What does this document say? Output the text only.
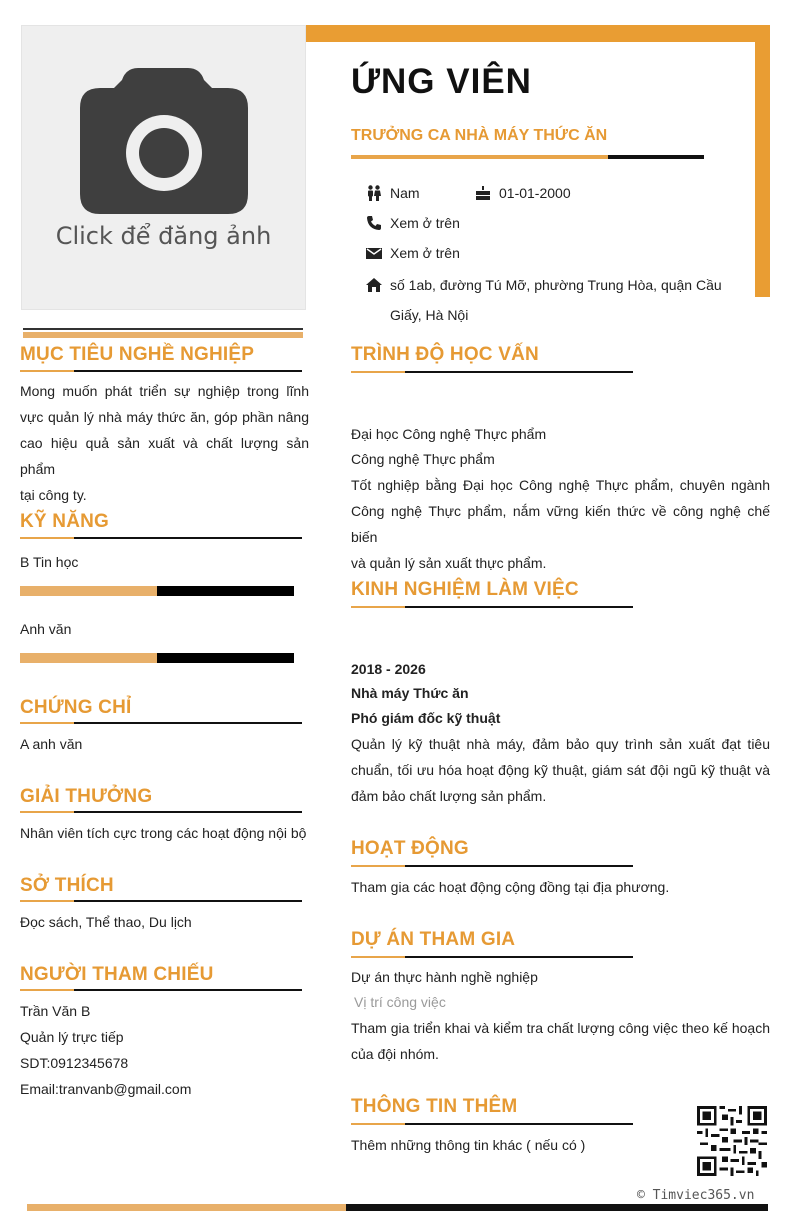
Click để đăng ảnh
ỨNG VIÊN
TRƯỞNG CA NHÀ MÁY THỨC ĂN
Nam	01-01-2000
Xem ở trên
Xem ở trên
số 1ab, đường Tú Mỡ, phường Trung Hòa, quận Cầu
Giấy, Hà Nội
MỤC TIÊU NGHỀ NGHIỆP
Mong muốn phát triển sự nghiệp trong lĩnh
vực quản lý nhà máy thức ăn, góp phần nâng
cao hiệu quả sản xuất và chất lượng sản phẩm
tại công ty.
KỸ NĂNG
B Tin học
Anh văn
CHỨNG CHỈ
A anh văn
GIẢI THƯỞNG
Nhân viên tích cực trong các hoạt động nội bộ
SỞ THÍCH
Đọc sách, Thể thao, Du lịch
NGƯỜI THAM CHIẾU
Trần Văn B
Quản lý trực tiếp
SDT:0912345678
Email:tranvanb@gmail.com
TRÌNH ĐỘ HỌC VẤN
Đại học Công nghệ Thực phẩm
Công nghệ Thực phẩm
Tốt nghiệp bằng Đại học Công nghệ Thực phẩm, chuyên ngành
Công nghệ Thực phẩm, nắm vững kiến thức về công nghệ chế biến
và quản lý sản xuất thực phẩm.
KINH NGHIỆM LÀM VIỆC
2018 - 2026
Nhà máy Thức ăn
Phó giám đốc kỹ thuật
Quản lý kỹ thuật nhà máy, đảm bảo quy trình sản xuất đạt tiêu
chuẩn, tối ưu hóa hoạt động kỹ thuật, giám sát đội ngũ kỹ thuật và
đảm bảo chất lượng sản phẩm.
HOẠT ĐỘNG
Tham gia các hoạt động cộng đồng tại địa phương.
DỰ ÁN THAM GIA
Dự án thực hành nghề nghiệp
Vị trí công việc
Tham gia triển khai và kiểm tra chất lượng công việc theo kế hoạch
của đội nhóm.
THÔNG TIN THÊM
Thêm những thông tin khác ( nếu có )
© Timviec365.vn
